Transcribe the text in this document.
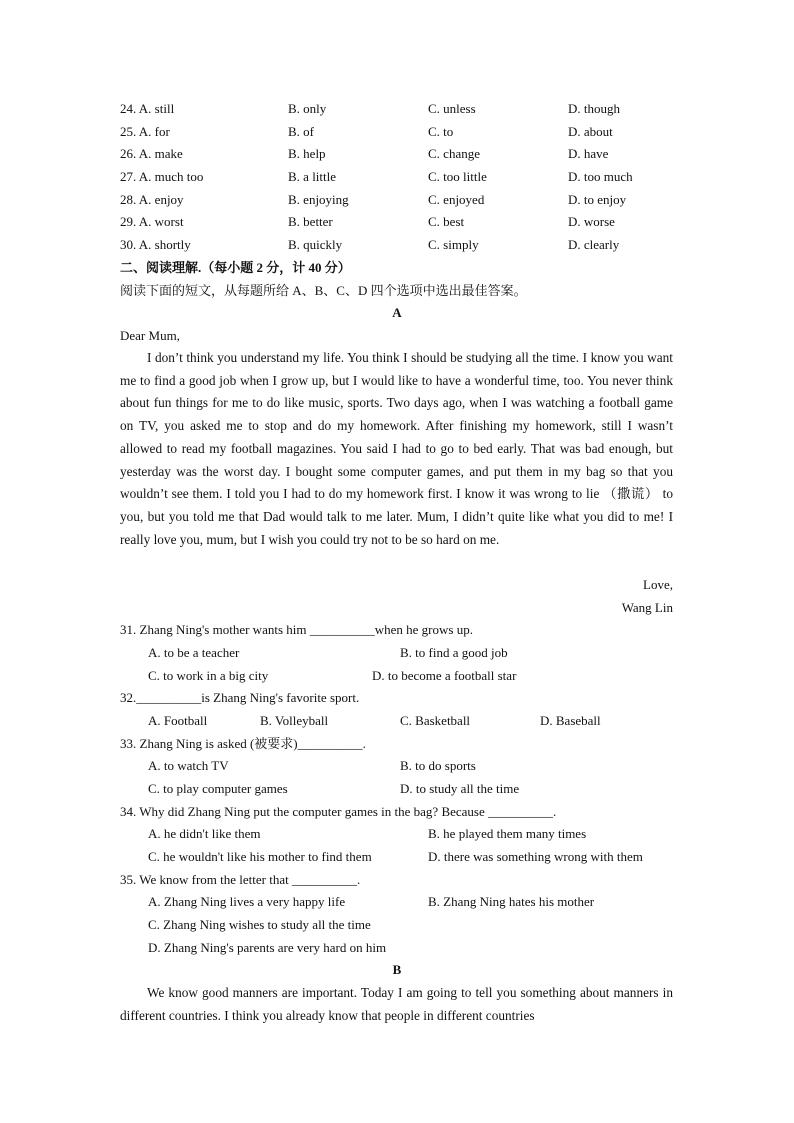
24. A. still	B. only	C. unless	D. though
25. A. for	B. of	C. to	D. about
26. A. make	B. help	C. change	D. have
27. A. much too	B. a little	C. too little	D. too much
28. A. enjoy	B. enjoying	C. enjoyed	D. to enjoy
29. A. worst	B. better	C. best	D. worse
30. A. shortly	B. quickly	C. simply	D. clearly
二、阅读理解.（每小题 2 分，计 40 分）
阅读下面的短文，从每题所给 A、B、C、D 四个选项中选出最佳答案。
A
Dear Mum,
I don’t think you understand my life. You think I should be studying all the time. I know you want me to find a good job when I grow up, but I would like to have a wonderful time, too. You never think about fun things for me to do like music, sports. Two days ago, when I was watching a football game on TV, you asked me to stop and do my homework. After finishing my homework, still I wasn’t allowed to read my football magazines. You said I had to go to bed early. That was bad enough, but yesterday was the worst day. I bought some computer games, and put them in my bag so that you wouldn’t see them. I told you I had to do my homework first. I know it was wrong to lie （撒谎） to you, but you told me that Dad would talk to me later. Mum, I didn’t quite like what you did to me! I really love you, mum, but I wish you could try not to be so hard on me.
Love,
Wang Lin
31. Zhang Ning's mother wants him __________when he grows up.
A. to be a teacher	B. to find a good job
C. to work in a big city	D. to become a football star
32.__________is Zhang Ning's favorite sport.
A. Football	B. Volleyball	C. Basketball	D. Baseball
33. Zhang Ning is asked (被要求)__________.
A. to watch TV	B. to do sports
C. to play computer games	D. to study all the time
34. Why did Zhang Ning put the computer games in the bag? Because __________.
A. he didn't like them	B. he played them many times
C. he wouldn't like his mother to find them	D. there was something wrong with them
35. We know from the letter that __________.
A. Zhang Ning lives a very happy life	B. Zhang Ning hates his mother
C. Zhang Ning wishes to study all the time
D. Zhang Ning's parents are very hard on him
B
We know good manners are important. Today I am going to tell you something about manners in different countries. I think you already know that people in different countries
